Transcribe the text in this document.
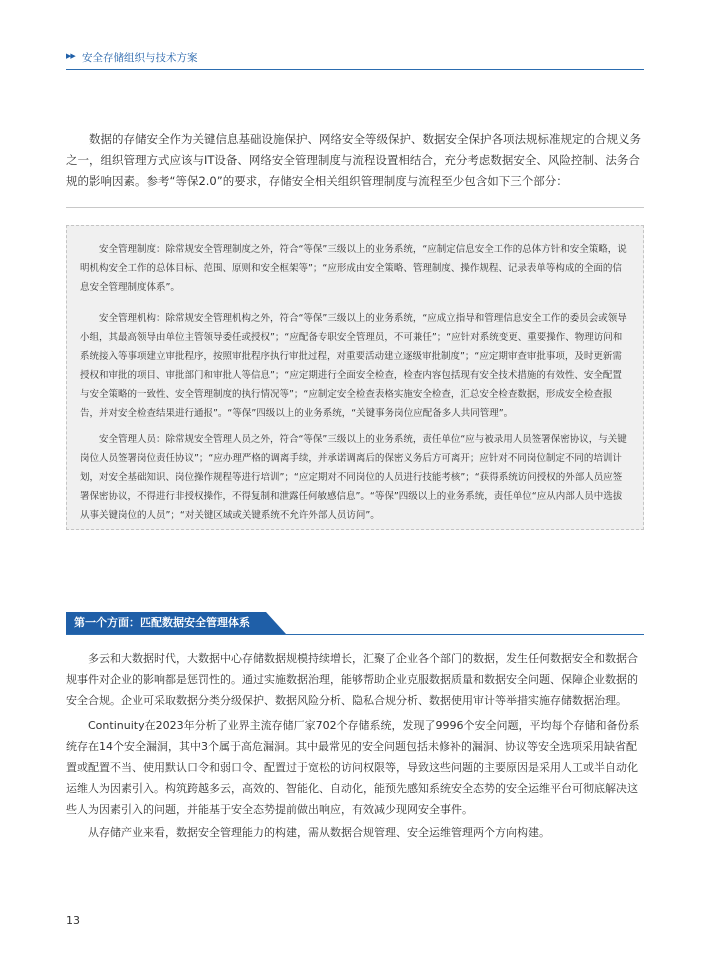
▶▶ 安全存储组织与技术方案

数据的存储安全作为关键信息基础设施保护、网络安全等级保护、数据安全保护各项法规标准规定的合规义务之一，组织管理方式应该与IT设备、网络安全管理制度与流程设置相结合，充分考虑数据安全、风险控制、法务合规的影响因素。参考“等保2.0”的要求，存储安全相关组织管理制度与流程至少包含如下三个部分：

安全管理制度：除常规安全管理制度之外，符合“等保”三级以上的业务系统，“应制定信息安全工作的总体方针和安全策略，说明机构安全工作的总体目标、范围、原则和安全框架等”；“应形成由安全策略、管理制度、操作规程、记录表单等构成的全面的信息安全管理制度体系”。

安全管理机构：除常规安全管理机构之外，符合“等保”三级以上的业务系统，“应成立指导和管理信息安全工作的委员会或领导小组，其最高领导由单位主管领导委任或授权”；“应配备专职安全管理员，不可兼任”；“应针对系统变更、重要操作、物理访问和系统接入等事项建立审批程序，按照审批程序执行审批过程，对重要活动建立逐级审批制度”；“应定期审查审批事项，及时更新需授权和审批的项目、审批部门和审批人等信息”；“应定期进行全面安全检查，检查内容包括现有安全技术措施的有效性、安全配置与安全策略的一致性、安全管理制度的执行情况等”；“应制定安全检查表格实施安全检查，汇总安全检查数据，形成安全检查报告，并对安全检查结果进行通报”。“等保”四级以上的业务系统，“关键事务岗位应配备多人共同管理”。

安全管理人员：除常规安全管理人员之外，符合“等保”三级以上的业务系统，责任单位“应与被录用人员签署保密协议，与关键岗位人员签署岗位责任协议”；“应办理严格的调离手续，并承诺调离后的保密义务后方可离开；应针对不同岗位制定不同的培训计划，对安全基础知识、岗位操作规程等进行培训”；“应定期对不同岗位的人员进行技能考核”；“获得系统访问授权的外部人员应签署保密协议，不得进行非授权操作，不得复制和泄露任何敏感信息”。“等保”四级以上的业务系统，责任单位“应从内部人员中选拔从事关键岗位的人员”；“对关键区域或关键系统不允许外部人员访问”。

第一个方面：匹配数据安全管理体系

多云和大数据时代，大数据中心存储数据规模持续增长，汇聚了企业各个部门的数据，发生任何数据安全和数据合规事件对企业的影响都是惩罚性的。通过实施数据治理，能够帮助企业克服数据质量和数据安全问题、保障企业数据的安全合规。企业可采取数据分类分级保护、数据风险分析、隐私合规分析、数据使用审计等举措实施存储数据治理。

Continuity在2023年分析了业界主流存储厂家702个存储系统，发现了9996个安全问题，平均每个存储和备份系统存在14个安全漏洞，其中3个属于高危漏洞。其中最常见的安全问题包括未修补的漏洞、协议等安全选项采用缺省配置或配置不当、使用默认口令和弱口令、配置过于宽松的访问权限等，导致这些问题的主要原因是采用人工或半自动化运维人为因素引入。构筑跨越多云，高效的、智能化、自动化，能预先感知系统安全态势的安全运维平台可彻底解决这些人为因素引入的问题，并能基于安全态势提前做出响应，有效减少现网安全事件。

从存储产业来看，数据安全管理能力的构建，需从数据合规管理、安全运维管理两个方向构建。

13
